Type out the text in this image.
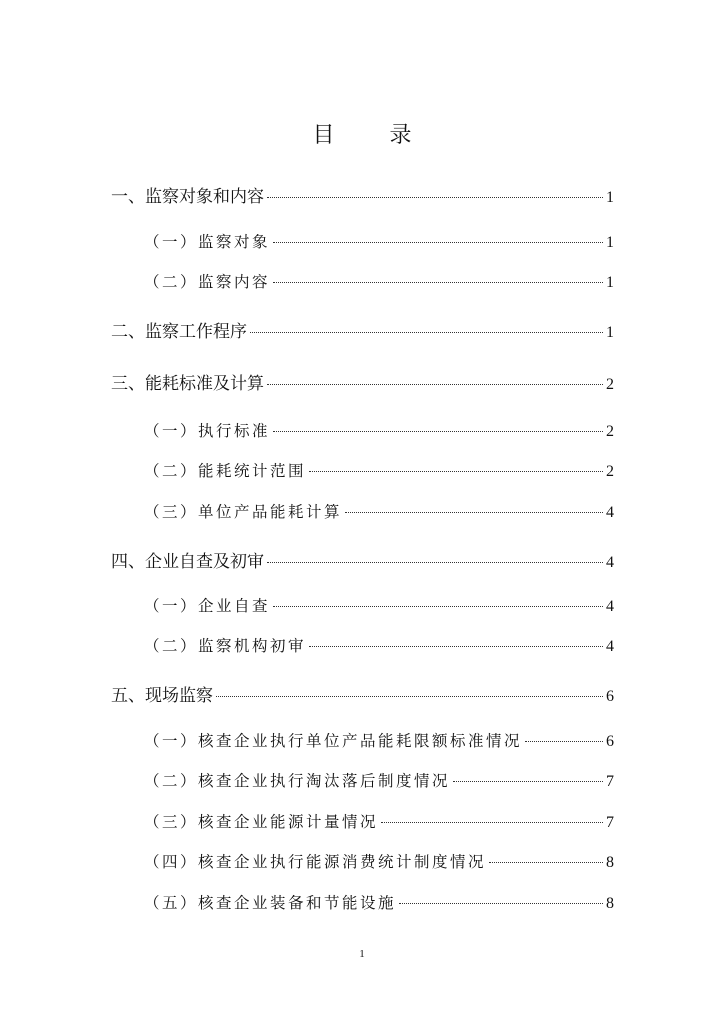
目 录
一、监察对象和内容	1
（一）监察对象	1
（二）监察内容	1
二、监察工作程序	1
三、能耗标准及计算	2
（一）执行标准	2
（二）能耗统计范围	2
（三）单位产品能耗计算	4
四、企业自查及初审	4
（一）企业自查	4
（二）监察机构初审	4
五、现场监察	6
（一）核查企业执行单位产品能耗限额标准情况	6
（二）核查企业执行淘汰落后制度情况	7
（三）核查企业能源计量情况	7
（四）核查企业执行能源消费统计制度情况	8
（五）核查企业装备和节能设施	8
1
